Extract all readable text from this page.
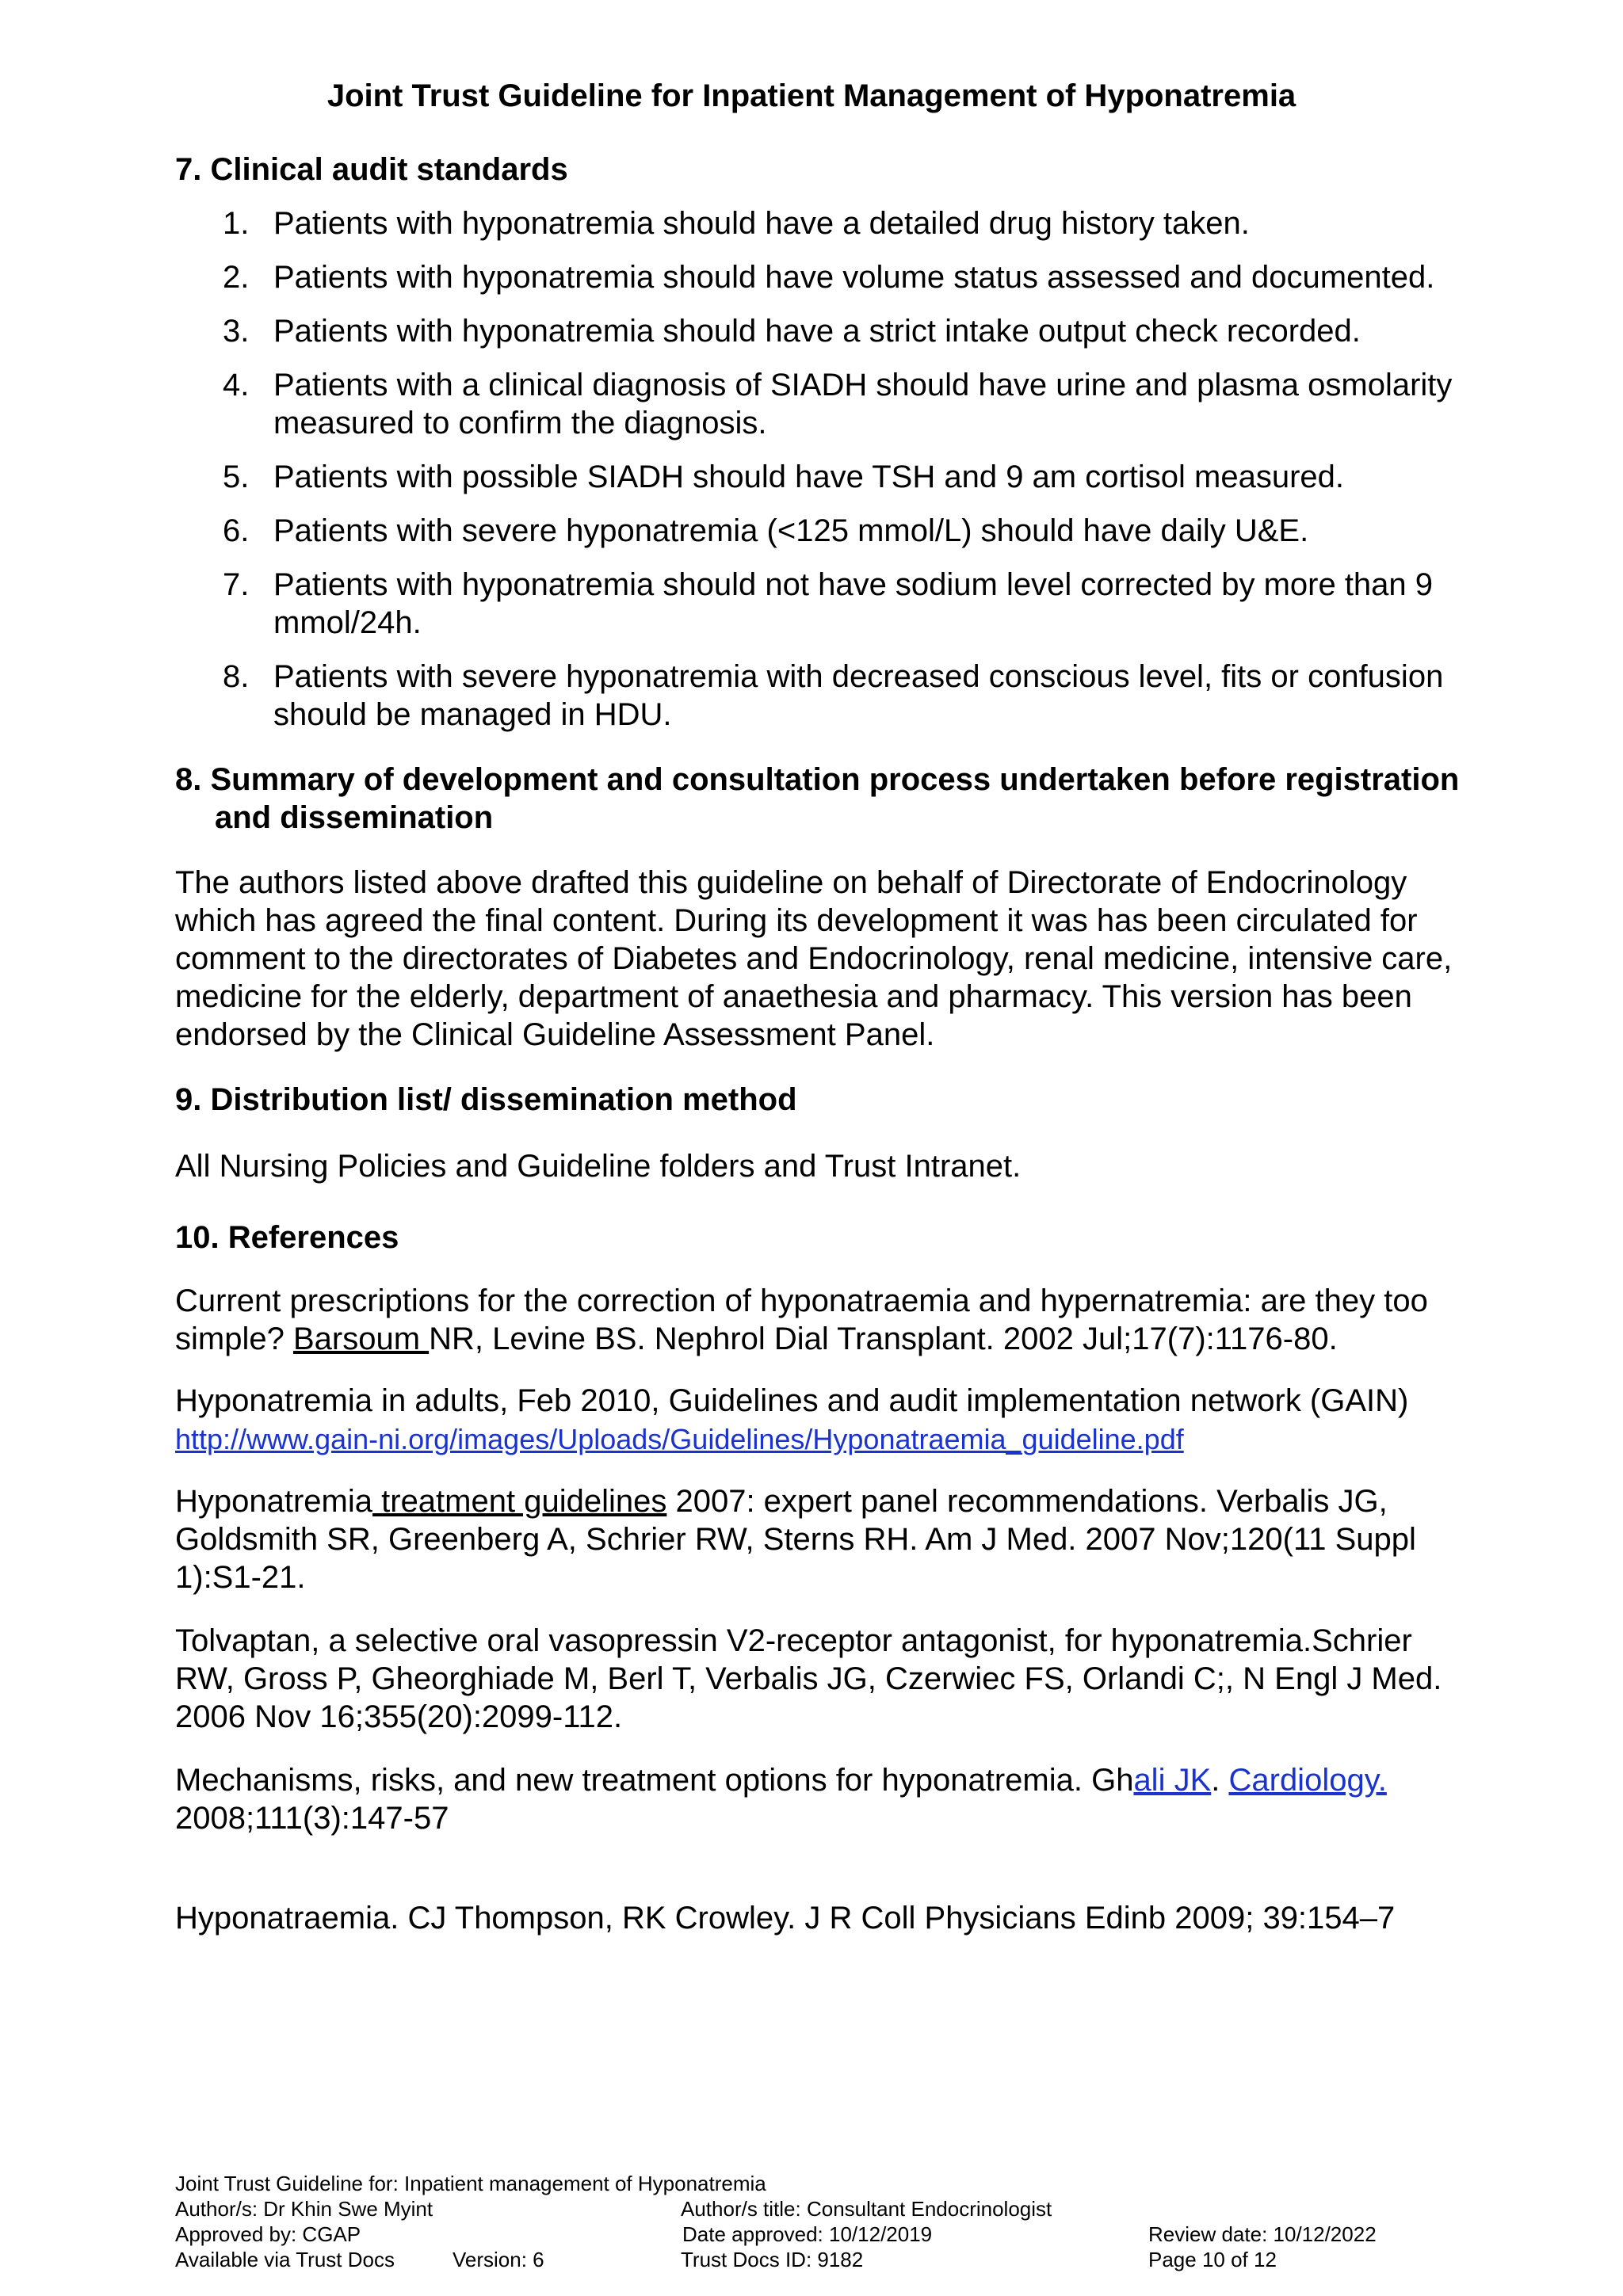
Joint Trust Guideline for Inpatient Management of Hyponatremia
7. Clinical audit standards
1. Patients with hyponatremia should have a detailed drug history taken.
2. Patients with hyponatremia should have volume status assessed and documented.
3. Patients with hyponatremia should have a strict intake output check recorded.
4. Patients with a clinical diagnosis of SIADH should have urine and plasma osmolarity measured to confirm the diagnosis.
5. Patients with possible SIADH should have TSH and 9 am cortisol measured.
6. Patients with severe hyponatremia (<125 mmol/L) should have daily U&E.
7. Patients with hyponatremia should not have sodium level corrected by more than 9 mmol/24h.
8. Patients with severe hyponatremia with decreased conscious level, fits or confusion should be managed in HDU.
8. Summary of development and consultation process undertaken before registration and dissemination

The authors listed above drafted this guideline on behalf of Directorate of Endocrinology which has agreed the final content. During its development it was has been circulated for comment to the directorates of Diabetes and Endocrinology, renal medicine, intensive care, medicine for the elderly, department of anaethesia and pharmacy. This version has been endorsed by the Clinical Guideline Assessment Panel.

9. Distribution list/ dissemination method

All Nursing Policies and Guideline folders and Trust Intranet.

10. References

Current prescriptions for the correction of hyponatraemia and hypernatremia: are they too simple? Barsoum NR, Levine BS. Nephrol Dial Transplant. 2002 Jul;17(7):1176-80.

Hyponatremia in adults, Feb 2010, Guidelines and audit implementation network (GAIN) http://www.gain-ni.org/images/Uploads/Guidelines/Hyponatraemia_guideline.pdf

Hyponatremia treatment guidelines 2007: expert panel recommendations. Verbalis JG, Goldsmith SR, Greenberg A, Schrier RW, Sterns RH. Am J Med. 2007 Nov;120(11 Suppl 1):S1-21.

Tolvaptan, a selective oral vasopressin V2-receptor antagonist, for hyponatremia.Schrier RW, Gross P, Gheorghiade M, Berl T, Verbalis JG, Czerwiec FS, Orlandi C;, N Engl J Med. 2006 Nov 16;355(20):2099-112.

Mechanisms, risks, and new treatment options for hyponatremia. Ghali JK. Cardiology. 2008;111(3):147-57

Hyponatraemia. CJ Thompson, RK Crowley. J R Coll Physicians Edinb 2009; 39:154–7

Joint Trust Guideline for: Inpatient management of Hyponatremia
Author/s: Dr Khin Swe Myint	Author/s title: Consultant Endocrinologist
Approved by: CGAP	Date approved: 10/12/2019	Review date: 10/12/2022
Available via Trust Docs	Version: 6	Trust Docs ID: 9182	Page 10 of 12
